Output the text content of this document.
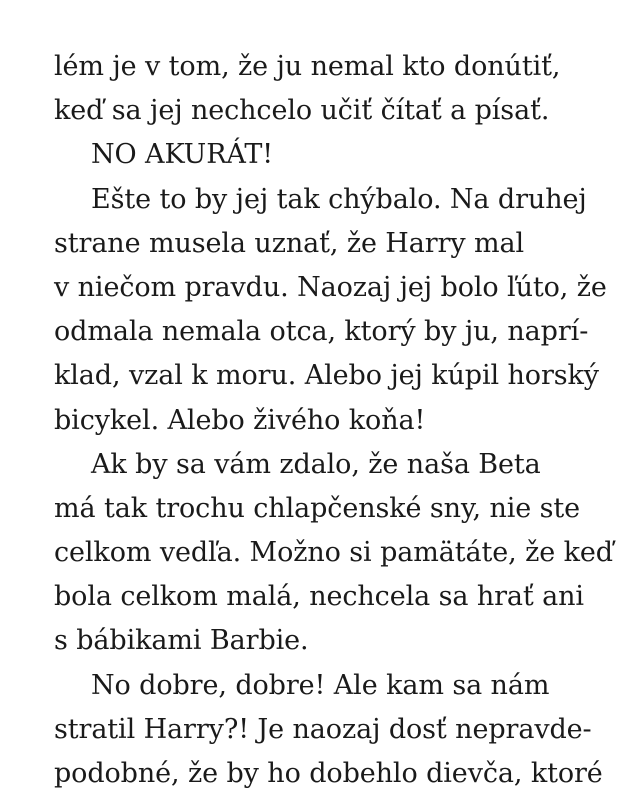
lém je v tom, že ju nemal kto donútiť,
keď sa jej nechcelo učiť čítať a písať.
NO AKURÁT!
Ešte to by jej tak chýbalo. Na druhej
strane musela uznať, že Harry mal
v niečom pravdu. Naozaj jej bolo ľúto, že
odmala nemala otca, ktorý by ju, naprí-
klad, vzal k moru. Alebo jej kúpil horský
bicykel. Alebo živého koňa!
Ak by sa vám zdalo, že naša Beta
má tak trochu chlapčenské sny, nie ste
celkom vedľa. Možno si pamätáte, že keď
bola celkom malá, nechcela sa hrať ani
s bábikami Barbie.
No dobre, dobre! Ale kam sa nám
stratil Harry?! Je naozaj dosť nepravde-
podobné, že by ho dobehlo dievča, ktoré
